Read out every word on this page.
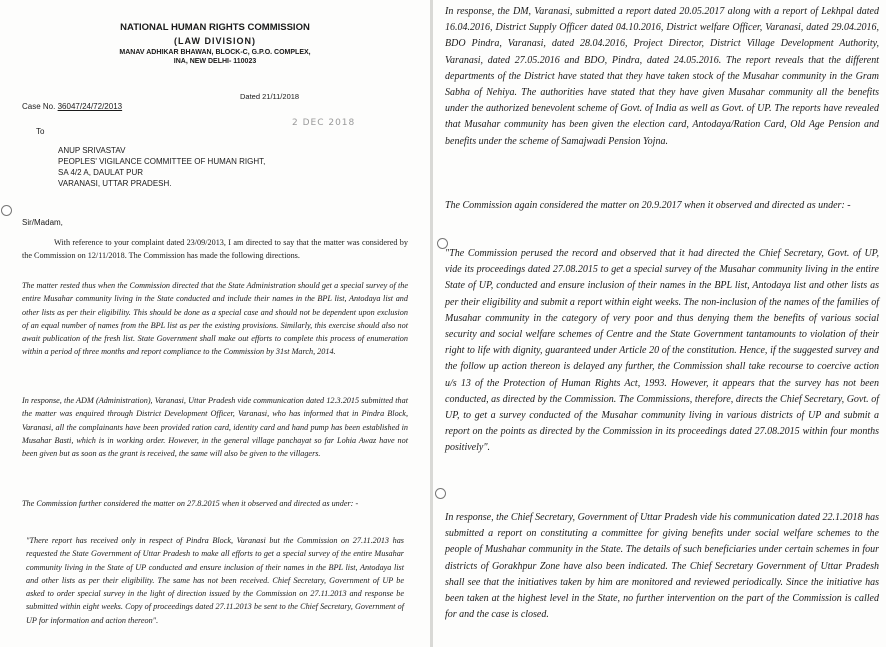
NATIONAL HUMAN RIGHTS COMMISSION
(LAW DIVISION)
MANAV ADHIKAR BHAWAN, BLOCK-C, G.P.O. COMPLEX,
INA, NEW DELHI- 110023
Dated 21/11/2018
Case No. 36047/24/72/2013
2 DEC 2018
To
ANUP SRIVASTAV
PEOPLES' VIGILANCE COMMITTEE OF HUMAN RIGHT,
SA 4/2 A, DAULAT PUR
VARANASI, UTTAR PRADESH.
Sir/Madam,

With reference to your complaint dated 23/09/2013, I am directed to say that the matter was considered by the Commission on 12/11/2018. The Commission has made the following directions.

The matter rested thus when the Commission directed that the State Administration should get a special survey of the entire Musahar community living in the State conducted and include their names in the BPL list, Antodaya list and other lists as per their eligibility. This should be done as a special case and should not be dependent upon exclusion of an equal number of names from the BPL list as per the existing provisions. Similarly, this exercise should also not await publication of the fresh list. State Government shall make out efforts to complete this process of enumeration within a period of three months and report compliance to the Commission by 31st March, 2014.

In response, the ADM (Administration), Varanasi, Uttar Pradesh vide communication dated 12.3.2015 submitted that the matter was enquired through District Development Officer, Varanasi, who has informed that in Pindra Block, Varanasi, all the complainants have been provided ration card, identity card and hand pump has been established in Musahar Basti, which is in working order. However, in the general village panchayat so far Lohia Awaz have not been given but as soon as the grant is received, the same will also be given to the villagers.

The Commission further considered the matter on 27.8.2015 when it observed and directed as under: -

"There report has received only in respect of Pindra Block, Varanasi but the Commission on 27.11.2013 has requested the State Government of Uttar Pradesh to make all efforts to get a special survey of the entire Musahar community living in the State of UP conducted and ensure inclusion of their names in the BPL list, Antodaya list and other lists as per their eligibility. The same has not been received. Chief Secretary, Government of UP be asked to order special survey in the light of direction issued by the Commission on 27.11.2013 and response be submitted within eight weeks. Copy of proceedings dated 27.11.2013 be sent to the Chief Secretary, Government of UP for information and action thereon".

In response, the DM, Varanasi, submitted a report dated 20.05.2017 along with a report of Lekhpal dated 16.04.2016, District Supply Officer dated 04.10.2016, District welfare Officer, Varanasi, dated 29.04.2016, BDO Pindra, Varanasi, dated 28.04.2016, Project Director, District Village Development Authority, Varanasi, dated 27.05.2016 and BDO, Pindra, dated 24.05.2016. The report reveals that the different departments of the District have stated that they have taken stock of the Musahar community in the Gram Sabha of Nehiya. The authorities have stated that they have given Musahar community all the benefits under the authorized benevolent scheme of Govt. of India as well as Govt. of UP. The reports have revealed that Musahar community has been given the election card, Antodaya/Ration Card, Old Age Pension and benefits under the scheme of Samajwadi Pension Yojna.

The Commission again considered the matter on 20.9.2017 when it observed and directed as under: -

"The Commission perused the record and observed that it had directed the Chief Secretary, Govt. of UP, vide its proceedings dated 27.08.2015 to get a special survey of the Musahar community living in the entire State of UP, conducted and ensure inclusion of their names in the BPL list, Antodaya list and other lists as per their eligibility and submit a report within eight weeks. The non-inclusion of the names of the families of Musahar community in the category of very poor and thus denying them the benefits of various social security and social welfare schemes of Centre and the State Government tantamounts to violation of their right to life with dignity, guaranteed under Article 20 of the constitution. Hence, if the suggested survey and the follow up action thereon is delayed any further, the Commission shall take recourse to coercive action u/s 13 of the Protection of Human Rights Act, 1993. However, it appears that the survey has not been conducted, as directed by the Commission. The Commissions, therefore, directs the Chief Secretary, Govt. of UP, to get a survey conducted of the Musahar community living in various districts of UP and submit a report on the points as directed by the Commission in its proceedings dated 27.08.2015 within four months positively".

In response, the Chief Secretary, Government of Uttar Pradesh vide his communication dated 22.1.2018 has submitted a report on constituting a committee for giving benefits under social welfare schemes to the people of Mushahar community in the State. The details of such beneficiaries under certain schemes in four districts of Gorakhpur Zone have also been indicated. The Chief Secretary Government of Uttar Pradesh shall see that the initiatives taken by him are monitored and reviewed periodically. Since the initiative has been taken at the highest level in the State, no further intervention on the part of the Commission is called for and the case is closed.
